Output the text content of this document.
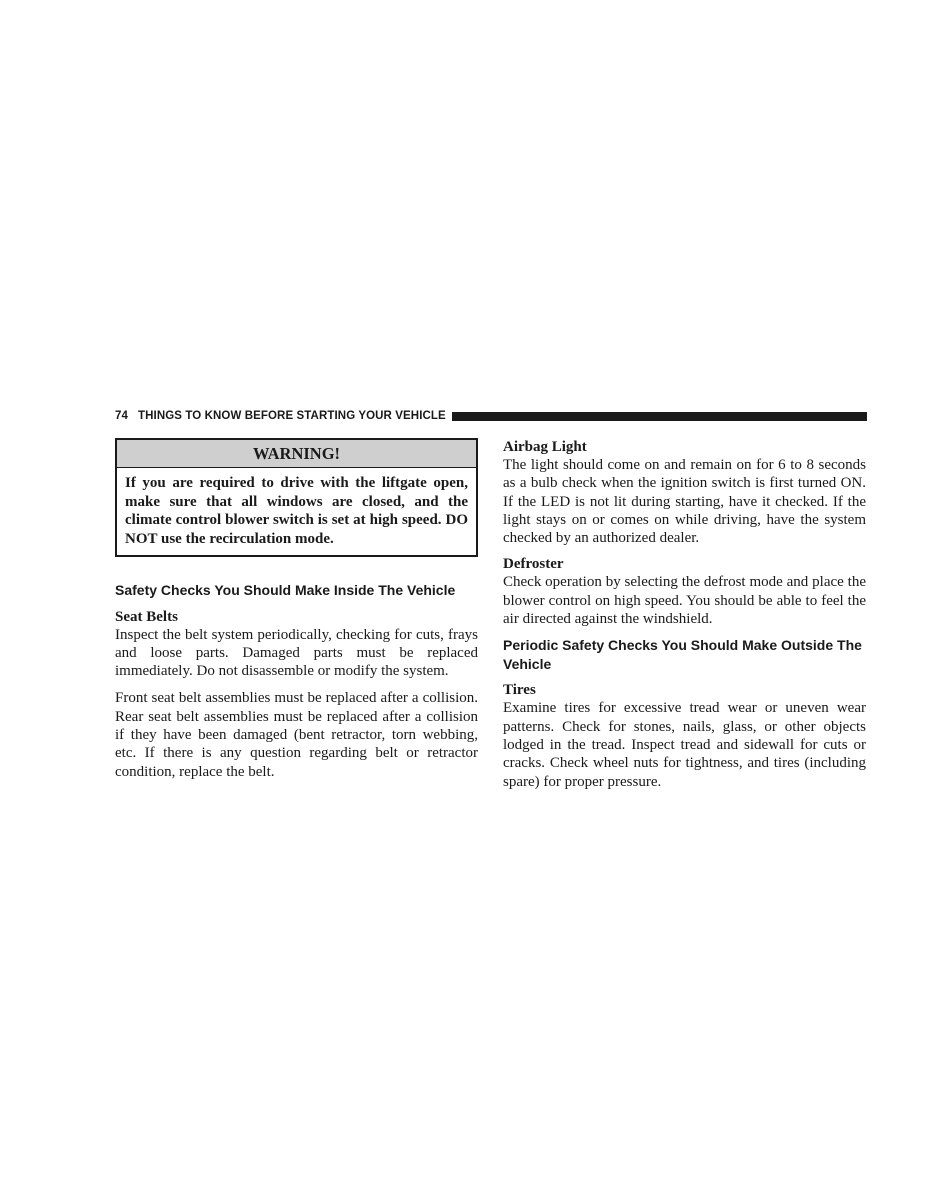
74 THINGS TO KNOW BEFORE STARTING YOUR VEHICLE
WARNING!
If you are required to drive with the liftgate open, make sure that all windows are closed, and the climate control blower switch is set at high speed. DO NOT use the recirculation mode.
Safety Checks You Should Make Inside The Vehicle
Seat Belts

Inspect the belt system periodically, checking for cuts, frays and loose parts. Damaged parts must be replaced immediately. Do not disassemble or modify the system.

Front seat belt assemblies must be replaced after a collision. Rear seat belt assemblies must be replaced after a collision if they have been damaged (bent retractor, torn webbing, etc. If there is any question regarding belt or retractor condition, replace the belt.

Airbag Light

The light should come on and remain on for 6 to 8 seconds as a bulb check when the ignition switch is first turned ON. If the LED is not lit during starting, have it checked. If the light stays on or comes on while driving, have the system checked by an authorized dealer.

Defroster

Check operation by selecting the defrost mode and place the blower control on high speed. You should be able to feel the air directed against the windshield.

Periodic Safety Checks You Should Make Outside The Vehicle
Tires

Examine tires for excessive tread wear or uneven wear patterns. Check for stones, nails, glass, or other objects lodged in the tread. Inspect tread and sidewall for cuts or cracks. Check wheel nuts for tightness, and tires (including spare) for proper pressure.
